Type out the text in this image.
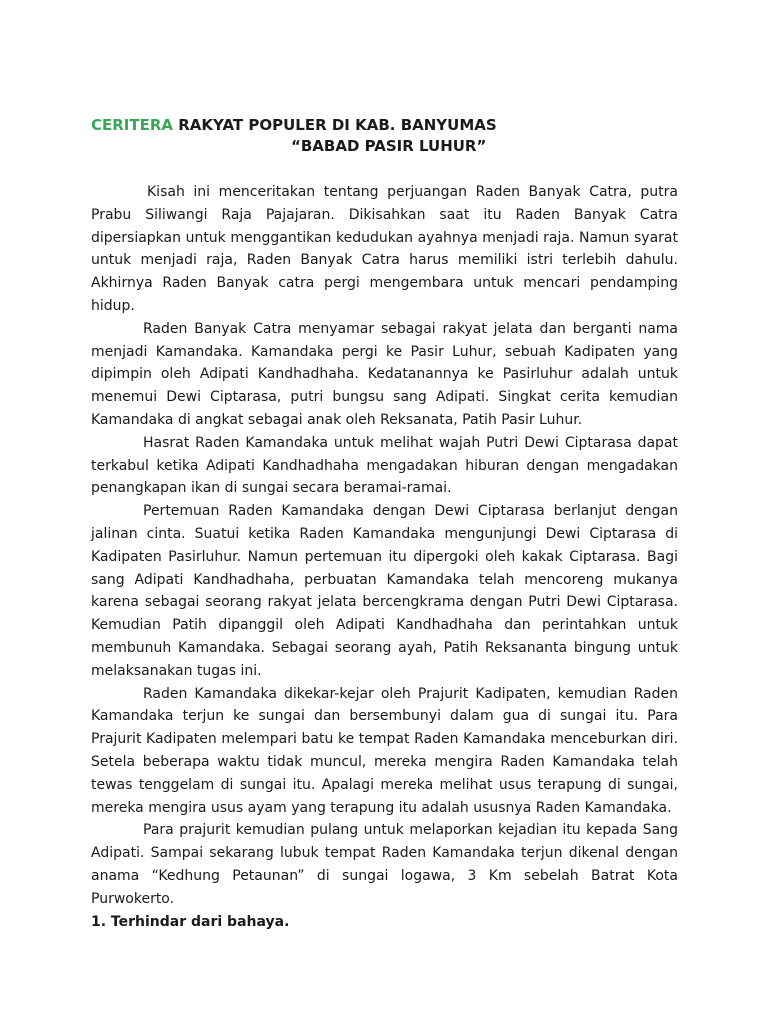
CERITERA RAKYAT POPULER DI KAB. BANYUMAS
“BABAD PASIR LUHUR”

Kisah ini menceritakan tentang perjuangan Raden Banyak Catra, putra Prabu Siliwangi Raja Pajajaran. Dikisahkan saat itu Raden Banyak Catra dipersiapkan untuk menggantikan kedudukan ayahnya menjadi raja. Namun syarat untuk menjadi raja, Raden Banyak Catra harus memiliki istri terlebih dahulu. Akhirnya Raden Banyak catra pergi mengembara untuk mencari pendamping hidup.

Raden Banyak Catra menyamar sebagai rakyat jelata dan berganti nama menjadi Kamandaka. Kamandaka pergi ke Pasir Luhur, sebuah Kadipaten yang dipimpin oleh Adipati Kandhadhaha. Kedatanannya ke Pasirluhur adalah untuk menemui Dewi Ciptarasa, putri bungsu sang Adipati. Singkat cerita kemudian Kamandaka di angkat sebagai anak oleh Reksanata, Patih Pasir Luhur.

Hasrat Raden Kamandaka untuk melihat wajah Putri Dewi Ciptarasa dapat terkabul ketika Adipati Kandhadhaha mengadakan hiburan dengan mengadakan penangkapan ikan di sungai secara beramai-ramai.

Pertemuan Raden Kamandaka dengan Dewi Ciptarasa berlanjut dengan jalinan cinta. Suatui ketika Raden Kamandaka mengunjungi Dewi Ciptarasa di Kadipaten Pasirluhur. Namun pertemuan itu dipergoki oleh kakak Ciptarasa. Bagi sang Adipati Kandhadhaha, perbuatan Kamandaka telah mencoreng mukanya karena sebagai seorang rakyat jelata bercengkrama dengan Putri Dewi Ciptarasa. Kemudian Patih dipanggil oleh Adipati Kandhadhaha dan perintahkan untuk membunuh Kamandaka. Sebagai seorang ayah, Patih Reksananta bingung untuk melaksanakan tugas ini.

Raden Kamandaka dikekar-kejar oleh Prajurit Kadipaten, kemudian Raden Kamandaka terjun ke sungai dan bersembunyi dalam gua di sungai itu. Para Prajurit Kadipaten melempari batu ke tempat Raden Kamandaka menceburkan diri. Setela beberapa waktu tidak muncul, mereka mengira Raden Kamandaka telah tewas tenggelam di sungai itu. Apalagi mereka melihat usus terapung di sungai, mereka mengira usus ayam yang terapung itu adalah ususnya Raden Kamandaka.

Para prajurit kemudian pulang untuk melaporkan kejadian itu kepada Sang Adipati. Sampai sekarang lubuk tempat Raden Kamandaka terjun dikenal dengan anama “Kedhung Petaunan” di sungai logawa, 3 Km sebelah Batrat Kota Purwokerto.

1. Terhindar dari bahaya.
